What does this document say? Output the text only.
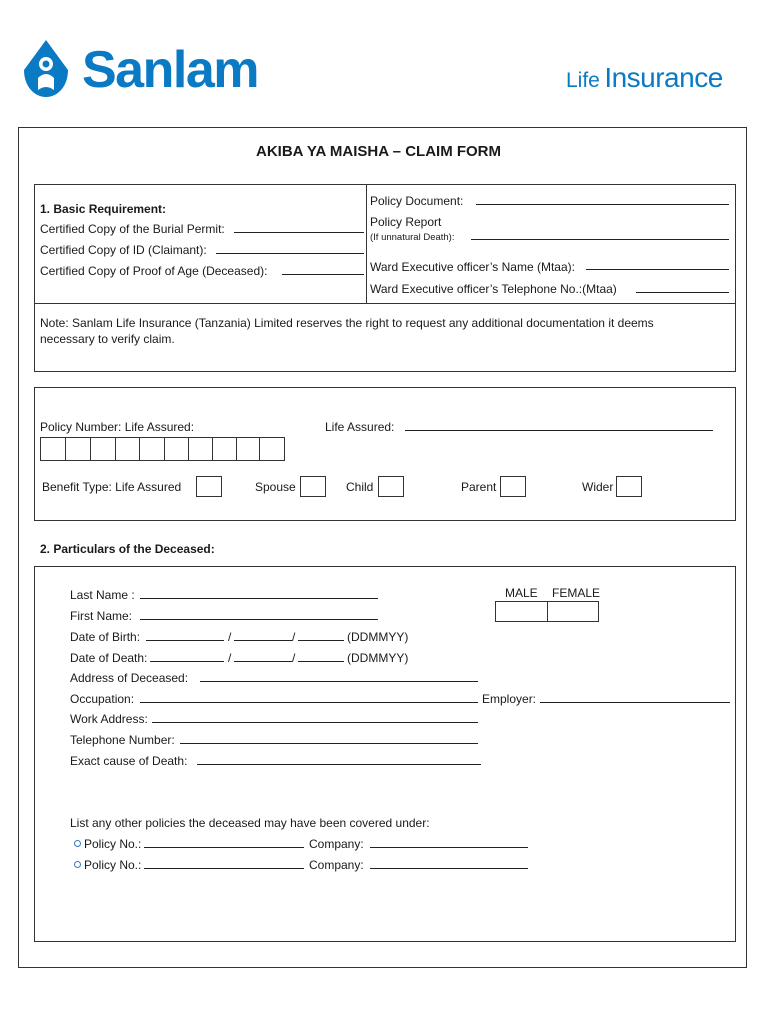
Sanlam	Life Insurance
AKIBA YA MAISHA – CLAIM FORM
1. Basic Requirement:
Certified Copy of the Burial Permit:
Certified Copy of ID (Claimant):
Certified Copy of Proof of Age (Deceased):
Policy Document:
Policy Report
(If unnatural Death):
Ward Executive officer’s Name (Mtaa):
Ward Executive officer’s Telephone No.:(Mtaa)
Note: Sanlam Life Insurance (Tanzania) Limited reserves the right to request any additional documentation it deems necessary to verify claim.
Policy Number: Life Assured:	Life Assured:
Benefit Type: Life Assured	Spouse	Child	Parent	Wider
2. Particulars of the Deceased:
Last Name :
First Name:
MALE FEMALE
Date of Birth:	/	/	(DDMMYY)
Date of Death:	/	/	(DDMMYY)
Address of Deceased:
Occupation:	Employer:
Work Address:
Telephone Number:
Exact cause of Death:
List any other policies the deceased may have been covered under:
Policy No.:	Company:
Policy No.:	Company:
